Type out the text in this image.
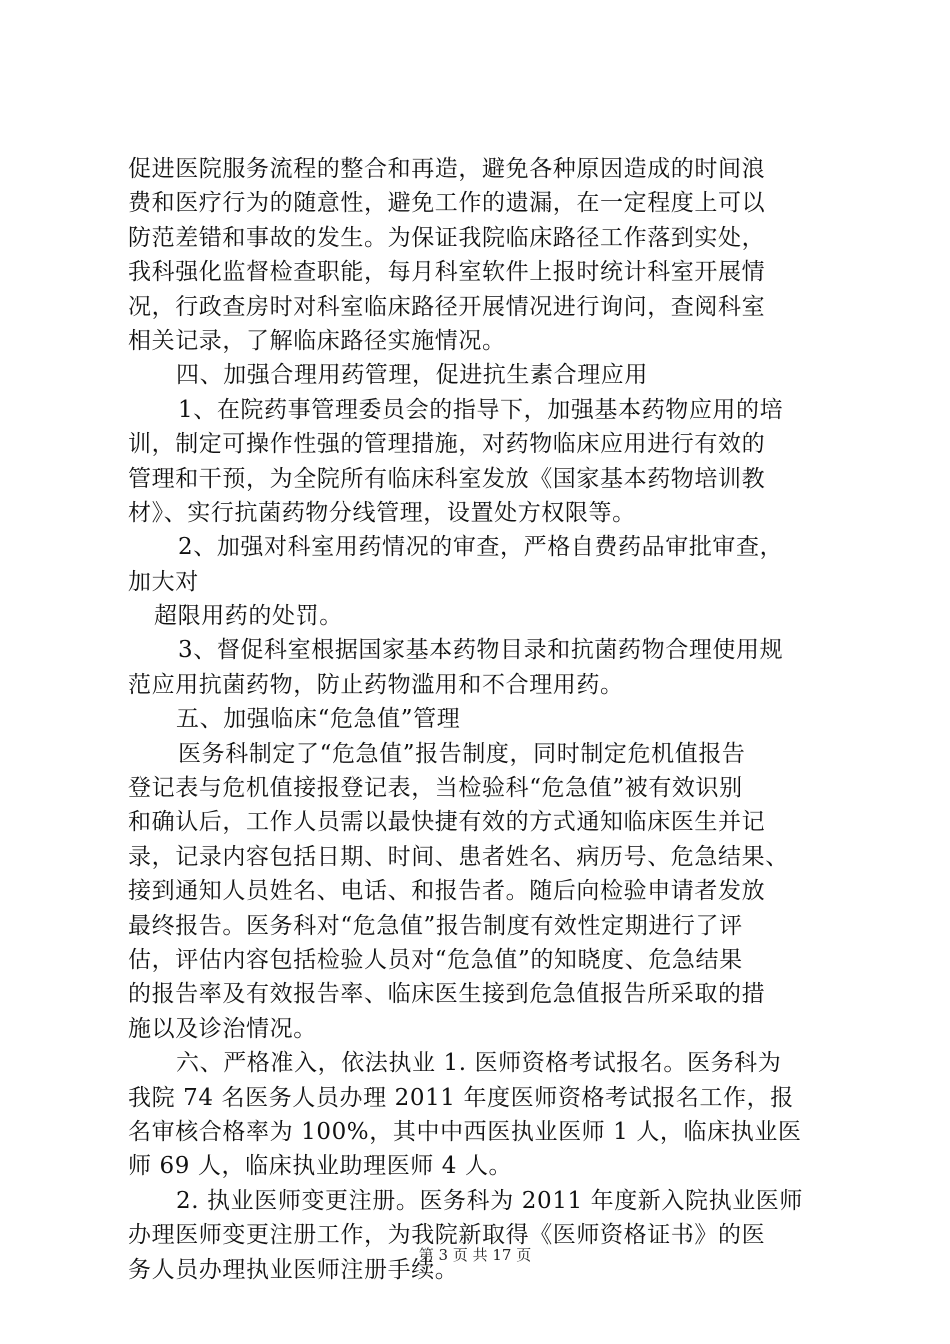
促进医院服务流程的整合和再造，避免各种原因造成的时间浪
费和医疗行为的随意性，避免工作的遗漏，在一定程度上可以
防范差错和事故的发生。为保证我院临床路径工作落到实处，
我科强化监督检查职能，每月科室软件上报时统计科室开展情
况，行政查房时对科室临床路径开展情况进行询问，查阅科室
相关记录，了解临床路径实施情况。
四、加强合理用药管理，促进抗生素合理应用
1、在院药事管理委员会的指导下，加强基本药物应用的培
训，制定可操作性强的管理措施，对药物临床应用进行有效的
管理和干预，为全院所有临床科室发放《国家基本药物培训教
材》、实行抗菌药物分线管理，设置处方权限等。
2、加强对科室用药情况的审查，严格自费药品审批审查，
加大对
超限用药的处罚。
3、督促科室根据国家基本药物目录和抗菌药物合理使用规
范应用抗菌药物，防止药物滥用和不合理用药。
五、加强临床“危急值”管理
医务科制定了“危急值”报告制度，同时制定危机值报告
登记表与危机值接报登记表，当检验科“危急值”被有效识别
和确认后，工作人员需以最快捷有效的方式通知临床医生并记
录，记录内容包括日期、时间、患者姓名、病历号、危急结果、
接到通知人员姓名、电话、和报告者。随后向检验申请者发放
最终报告。医务科对“危急值”报告制度有效性定期进行了评
估，评估内容包括检验人员对“危急值”的知晓度、危急结果
的报告率及有效报告率、临床医生接到危急值报告所采取的措
施以及诊治情况。
六、严格准入，依法执业 1. 医师资格考试报名。医务科为
我院 74 名医务人员办理 2011 年度医师资格考试报名工作，报
名审核合格率为 100%，其中中西医执业医师 1 人，临床执业医
师 69 人，临床执业助理医师 4 人。
2. 执业医师变更注册。医务科为 2011 年度新入院执业医师
办理医师变更注册工作，为我院新取得《医师资格证书》的医
务人员办理执业医师注册手续。
第 3 页 共 17 页
